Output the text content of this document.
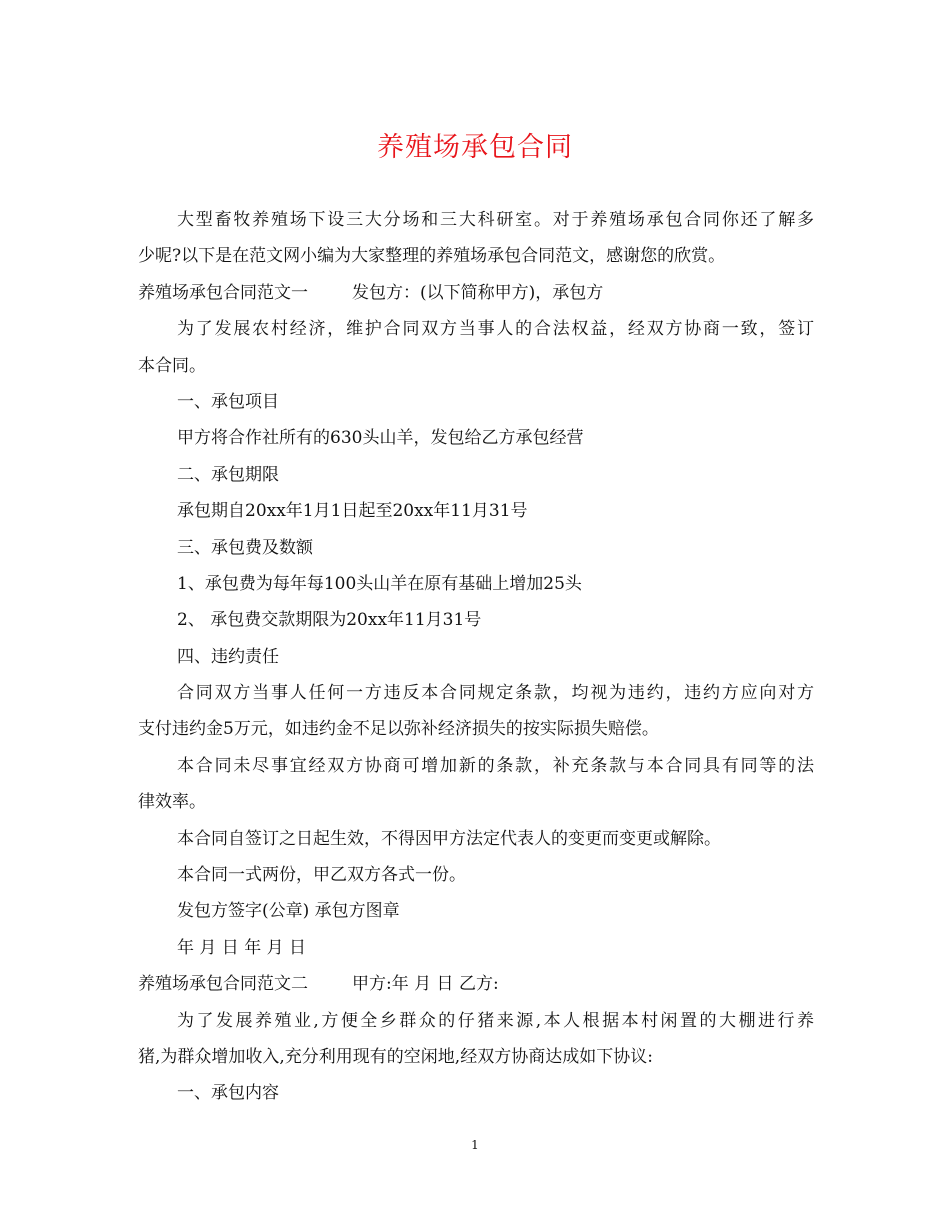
养殖场承包合同
大型畜牧养殖场下设三大分场和三大科研室。对于养殖场承包合同你还了解多
少呢?以下是在范文网小编为大家整理的养殖场承包合同范文，感谢您的欣赏。
养殖场承包合同范文一	发包方：(以下简称甲方)，承包方
为了发展农村经济，维护合同双方当事人的合法权益，经双方协商一致，签订
本合同。
一、承包项目
甲方将合作社所有的630头山羊，发包给乙方承包经营
二、承包期限
承包期自20xx年1月1日起至20xx年11月31号
三、承包费及数额
1、承包费为每年每100头山羊在原有基础上增加25头
2、 承包费交款期限为20xx年11月31号
四、违约责任
合同双方当事人任何一方违反本合同规定条款，均视为违约，违约方应向对方
支付违约金5万元，如违约金不足以弥补经济损失的按实际损失赔偿。
本合同未尽事宜经双方协商可增加新的条款，补充条款与本合同具有同等的法
律效率。
本合同自签订之日起生效，不得因甲方法定代表人的变更而变更或解除。
本合同一式两份，甲乙双方各式一份。
发包方签字(公章) 承包方图章
年 月 日 年 月 日
养殖场承包合同范文二	甲方:年 月 日 乙方:
为了发展养殖业,方便全乡群众的仔猪来源,本人根据本村闲置的大棚进行养
猪,为群众增加收入,充分利用现有的空闲地,经双方协商达成如下协议:
一、承包内容
1
